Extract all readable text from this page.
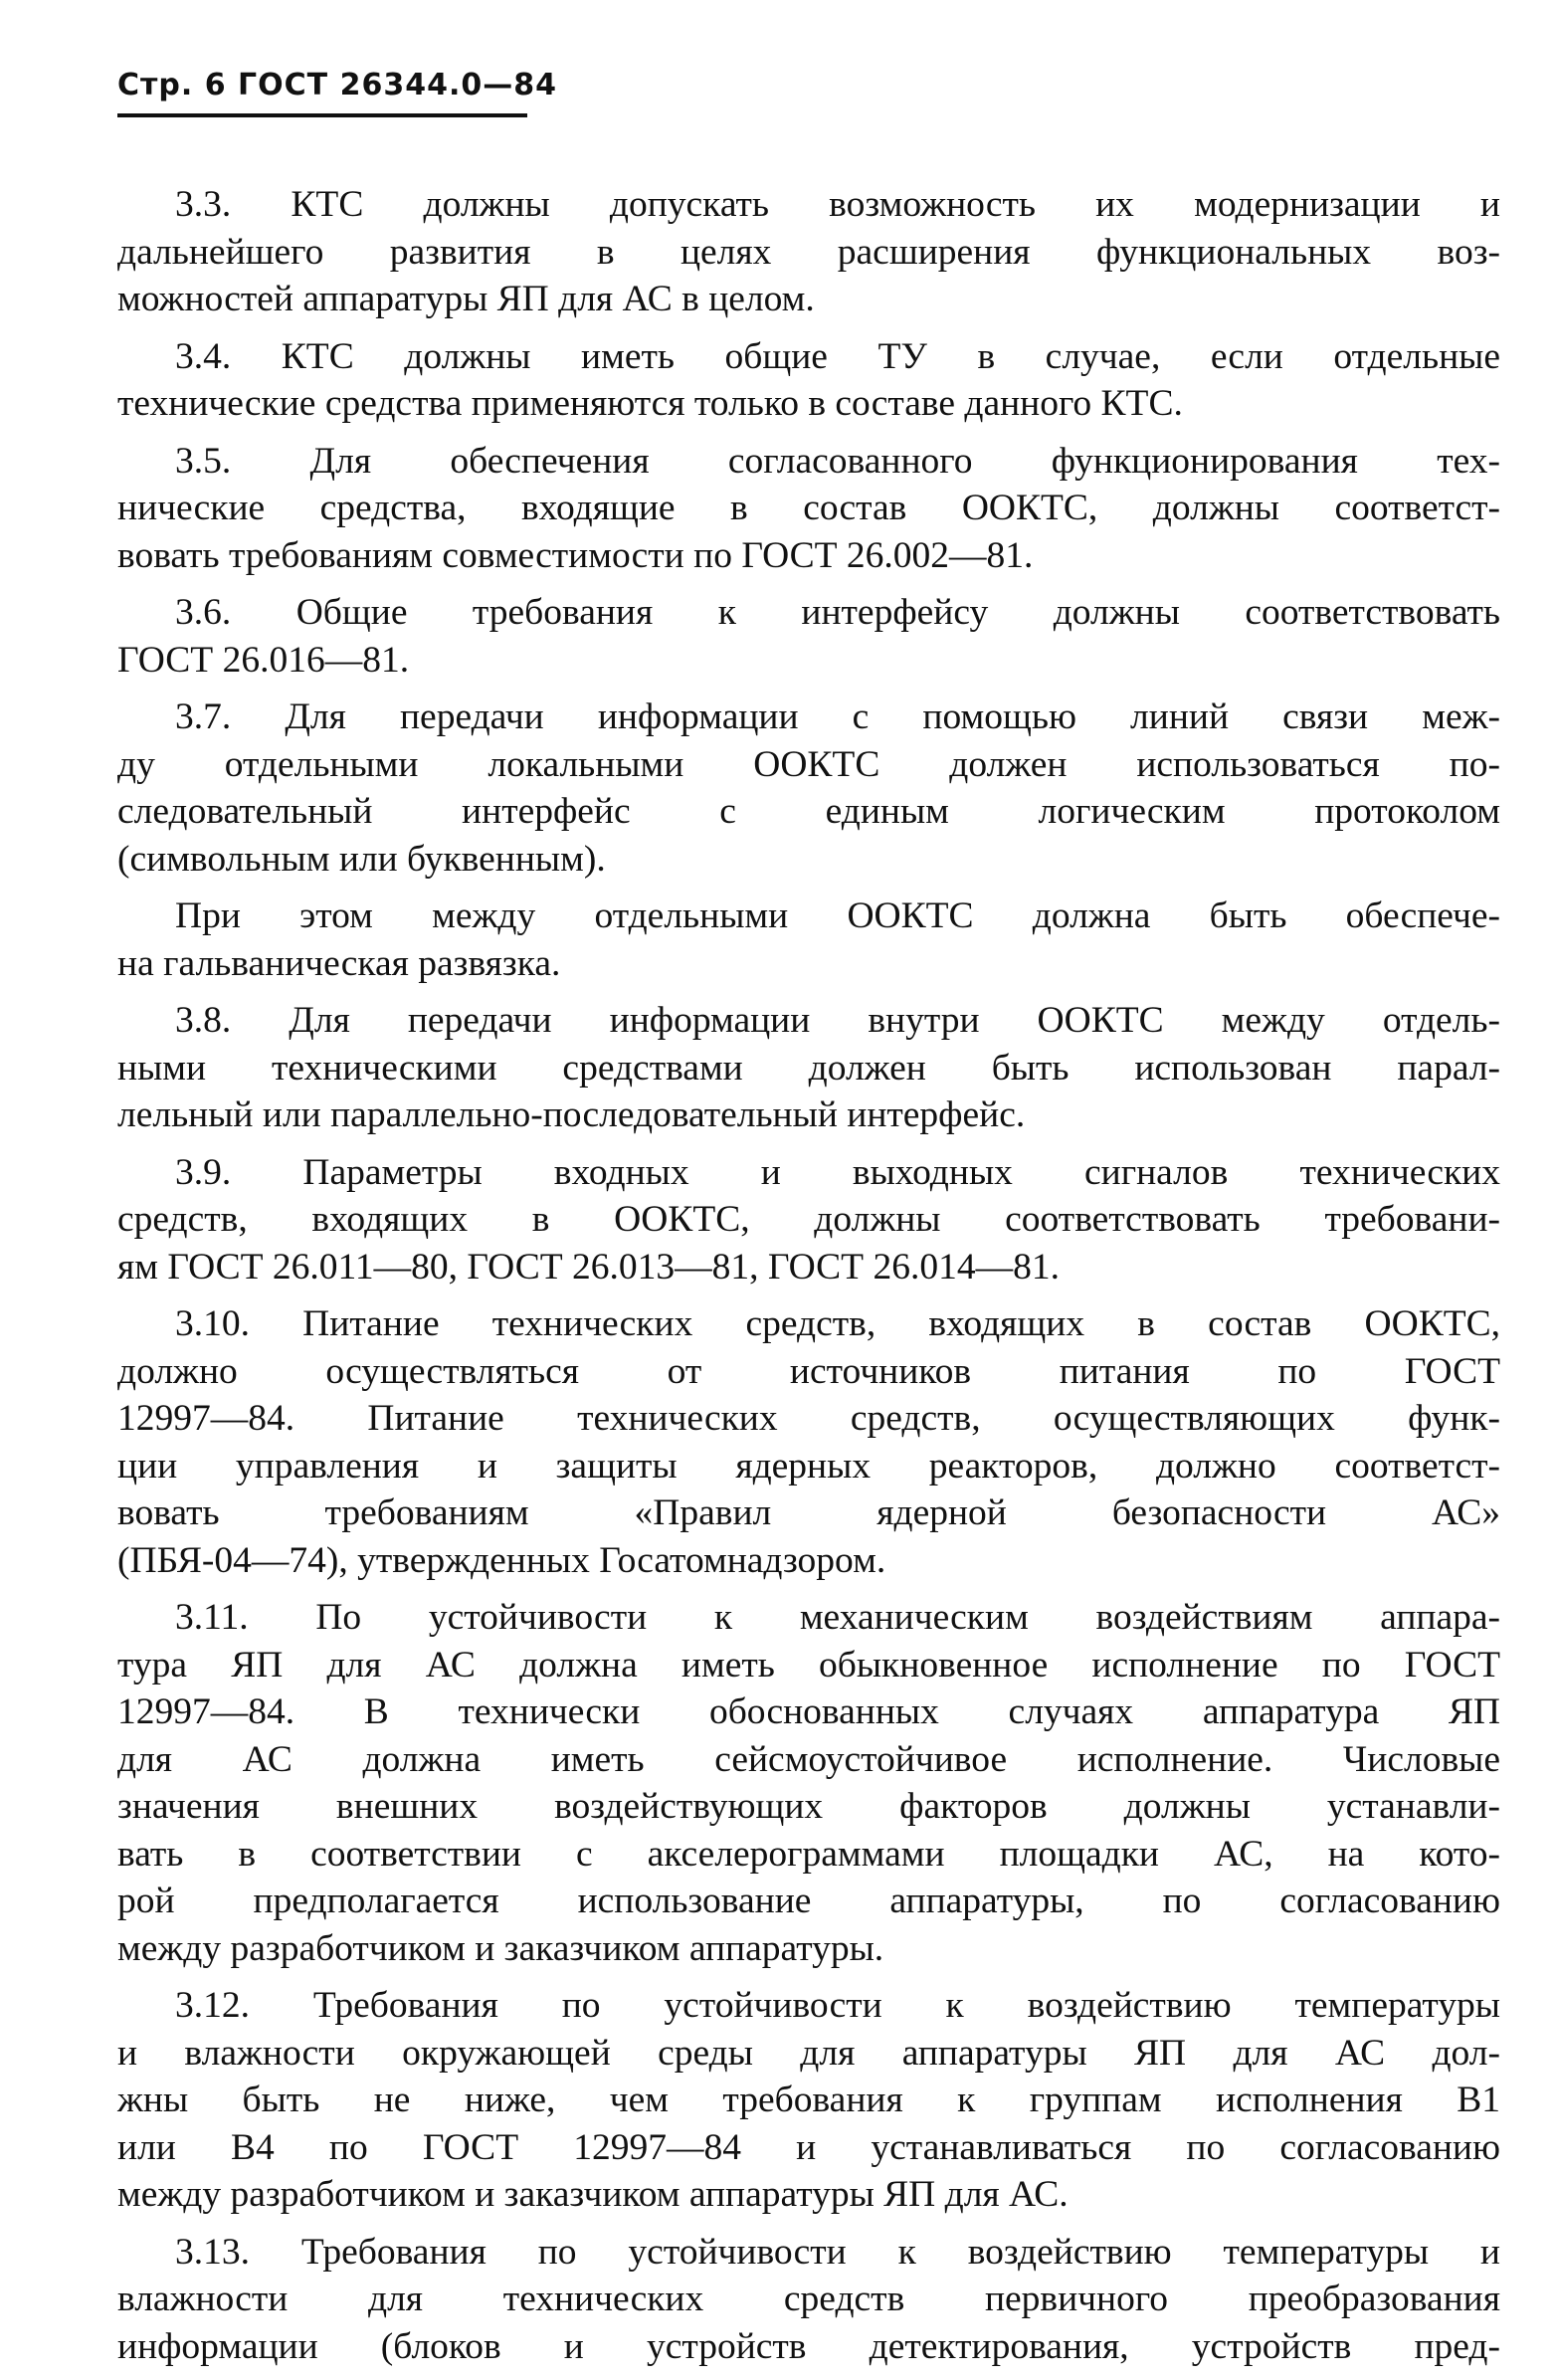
Стр. 6 ГОСТ 26344.0—84
3.3. КТС должны допускать возможность их модернизации и
дальнейшего развития в целях расширения функциональных воз-
можностей аппаратуры ЯП для АС в целом.
3.4. КТС должны иметь общие ТУ в случае, если отдельные
технические средства применяются только в составе данного КТС.
3.5. Для обеспечения согласованного функционирования тех-
нические средства, входящие в состав ООКТС, должны соответст-
вовать требованиям совместимости по ГОСТ 26.002—81.
3.6. Общие требования к интерфейсу должны соответствовать
ГОСТ 26.016—81.
3.7. Для передачи информации с помощью линий связи меж-
ду отдельными локальными ООКТС должен использоваться по-
следовательный интерфейс с единым логическим протоколом
(символьным или буквенным).
При этом между отдельными ООКТС должна быть обеспече-
на гальваническая развязка.
3.8. Для передачи информации внутри ООКТС между отдель-
ными техническими средствами должен быть использован парал-
лельный или параллельно-последовательный интерфейс.
3.9. Параметры входных и выходных сигналов технических
средств, входящих в ООКТС, должны соответствовать требовани-
ям ГОСТ 26.011—80, ГОСТ 26.013—81, ГОСТ 26.014—81.
3.10. Питание технических средств, входящих в состав ООКТС,
должно осуществляться от источников питания по ГОСТ
12997—84. Питание технических средств, осуществляющих функ-
ции управления и защиты ядерных реакторов, должно соответст-
вовать требованиям «Правил ядерной безопасности АС»
(ПБЯ-04—74), утвержденных Госатомнадзором.
3.11. По устойчивости к механическим воздействиям аппара-
тура ЯП для АС должна иметь обыкновенное исполнение по ГОСТ
12997—84. В технически обоснованных случаях аппаратура ЯП
для АС должна иметь сейсмоустойчивое исполнение. Числовые
значения внешних воздействующих факторов должны устанавли-
вать в соответствии с акселерограммами площадки АС, на кото-
рой предполагается использование аппаратуры, по согласованию
между разработчиком и заказчиком аппаратуры.
3.12. Требования по устойчивости к воздействию температуры
и влажности окружающей среды для аппаратуры ЯП для АС дол-
жны быть не ниже, чем требования к группам исполнения В1
или В4 по ГОСТ 12997—84 и устанавливаться по согласованию
между разработчиком и заказчиком аппаратуры ЯП для АС.
3.13. Требования по устойчивости к воздействию температуры и
влажности для технических средств первичного преобразования
информации (блоков и устройств детектирования, устройств пред-
